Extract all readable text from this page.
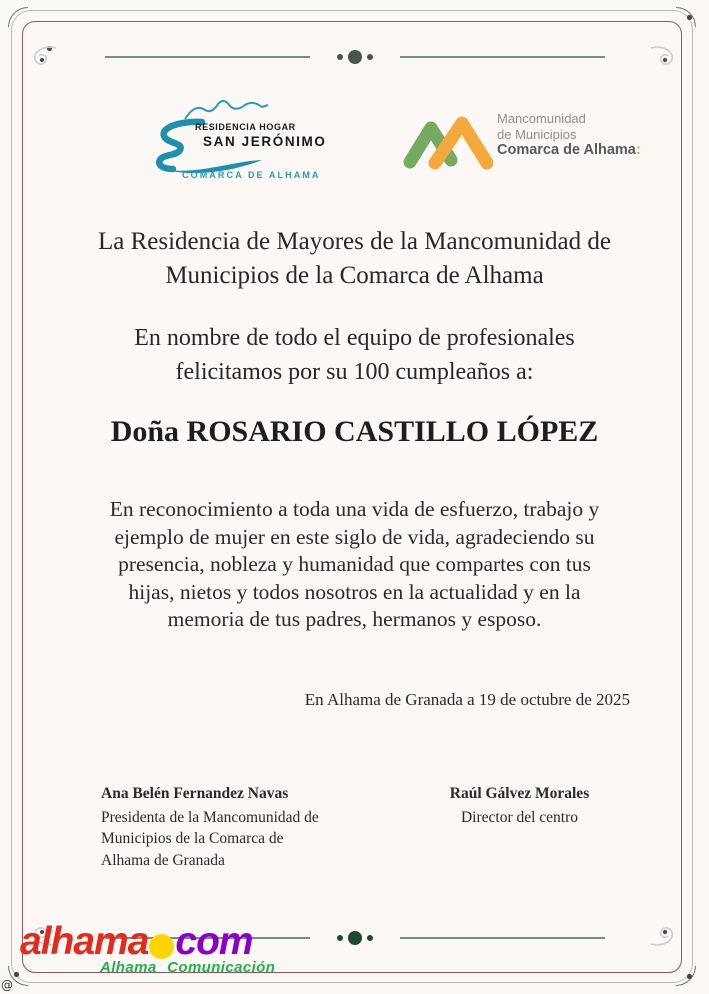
RESIDENCIA HOGAR
SAN JERÓNIMO
COMARCA DE ALHAMA
Mancomunidad
de Municipios
Comarca de Alhama:
La Residencia de Mayores de la Mancomunidad de
Municipios de la Comarca de Alhama
En nombre de todo el equipo de profesionales
felicitamos por su 100 cumpleaños a:
Doña ROSARIO CASTILLO LÓPEZ
En reconocimiento a toda una vida de esfuerzo, trabajo y
ejemplo de mujer en este siglo de vida, agradeciendo su
presencia, nobleza y humanidad que compartes con tus
hijas, nietos y todos nosotros en la actualidad y en la
memoria de tus padres, hermanos y esposo.
En Alhama de Granada a 19 de octubre de 2025
Ana Belén Fernandez Navas
Presidenta de la Mancomunidad de
Municipios de la Comarca de
Alhama de Granada
Raúl Gálvez Morales
Director del centro
alhama com
Alhama Comunicación
@
